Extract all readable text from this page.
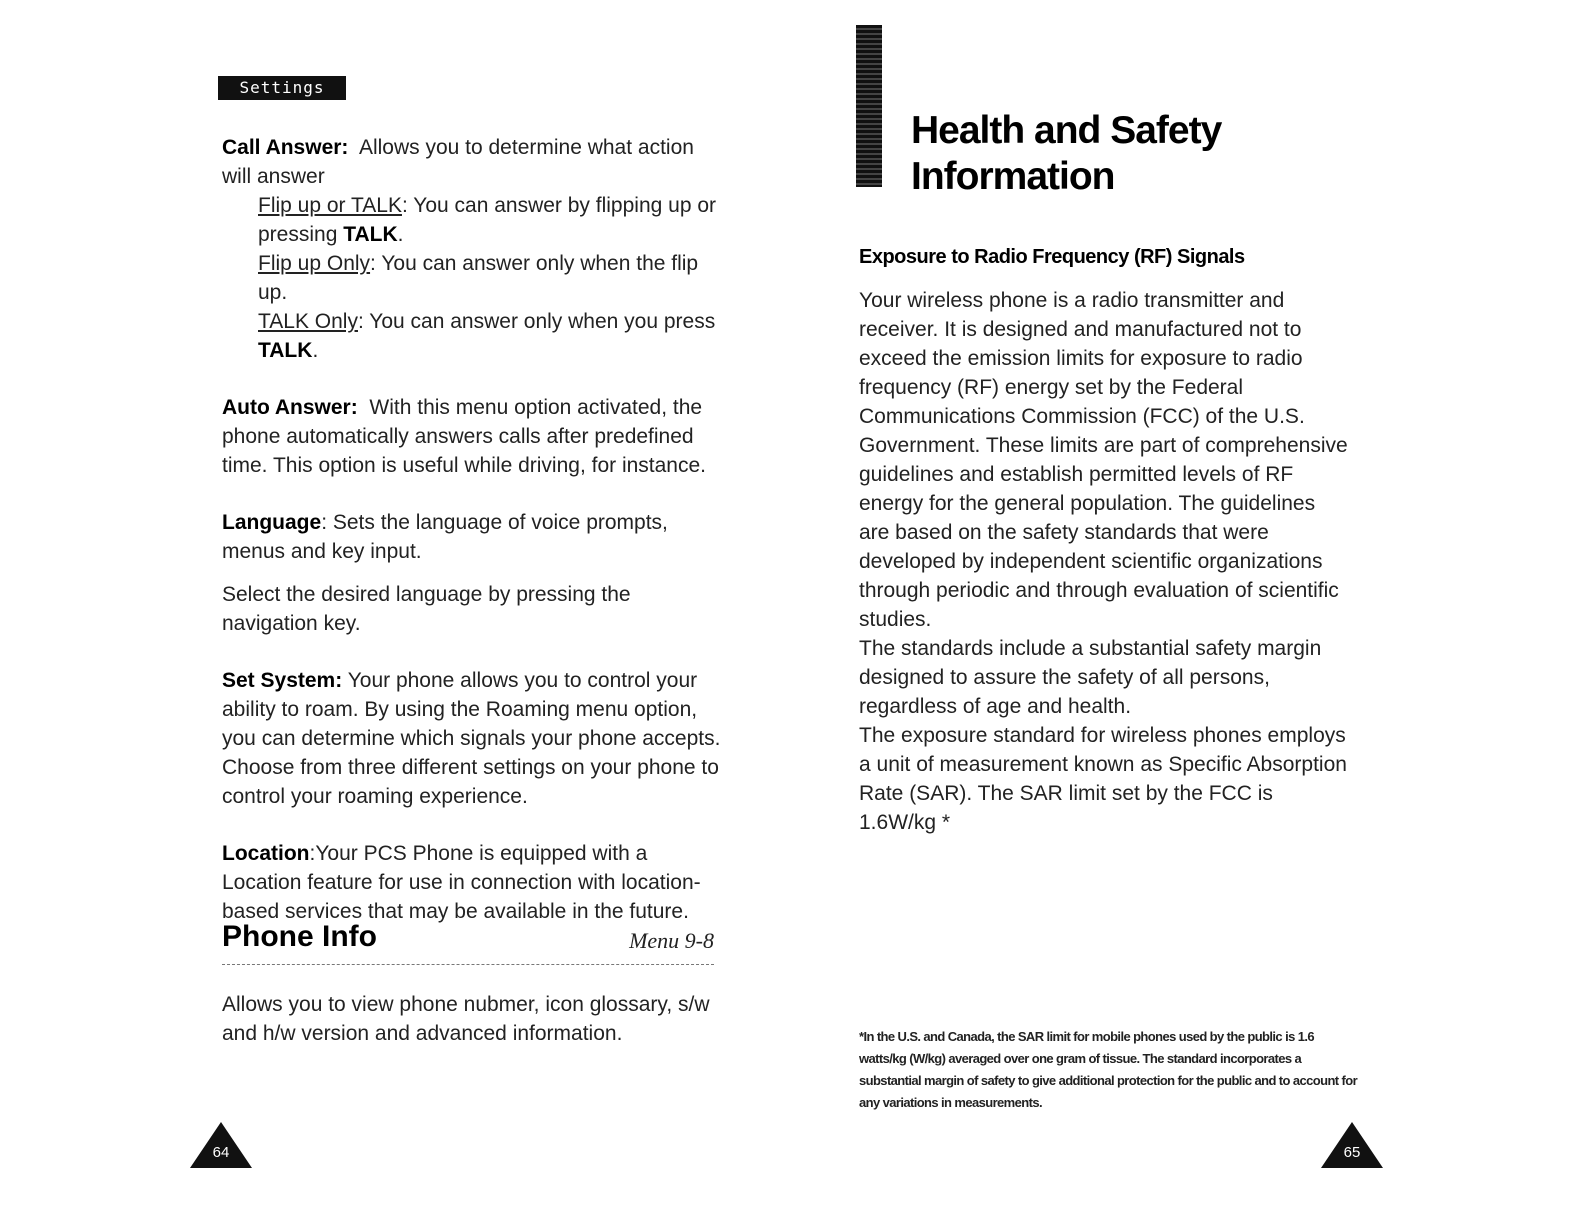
Settings

Call Answer: Allows you to determine what action will answer

Flip up or TALK: You can answer by flipping up or pressing TALK.

Flip up Only: You can answer only when the flip up.

TALK Only: You can answer only when you press TALK.

Auto Answer: With this menu option activated, the phone automatically answers calls after predefined time. This option is useful while driving, for instance.

Language: Sets the language of voice prompts, menus and key input.

Select the desired language by pressing the navigation key.

Set System: Your phone allows you to control your ability to roam. By using the Roaming menu option, you can determine which signals your phone accepts. Choose from three different settings on your phone to control your roaming experience.

Location:Your PCS Phone is equipped with a Location feature for use in connection with location-based services that may be available in the future.

Phone Info	Menu 9-8
Allows you to view phone nubmer, icon glossary, s/w and h/w version and advanced information.
64
Health and Safety
Information
Exposure to Radio Frequency (RF) Signals

Your wireless phone is a radio transmitter and receiver. It is designed and manufactured not to exceed the emission limits for exposure to radio frequency (RF) energy set by the Federal Communications Commission (FCC) of the U.S. Government. These limits are part of comprehensive guidelines and establish permitted levels of RF energy for the general population. The guidelines are based on the safety standards that were developed by independent scientific organizations through periodic and through evaluation of scientific studies.

The standards include a substantial safety margin designed to assure the safety of all persons, regardless of age and health.

The exposure standard for wireless phones employs a unit of measurement known as Specific Absorption Rate (SAR). The SAR limit set by the FCC is 1.6W/kg *

*In the U.S. and Canada, the SAR limit for mobile phones used by the public is 1.6 watts/kg (W/kg) averaged over one gram of tissue. The standard incorporates a substantial margin of safety to give additional protection for the public and to account for any variations in measurements.
65
